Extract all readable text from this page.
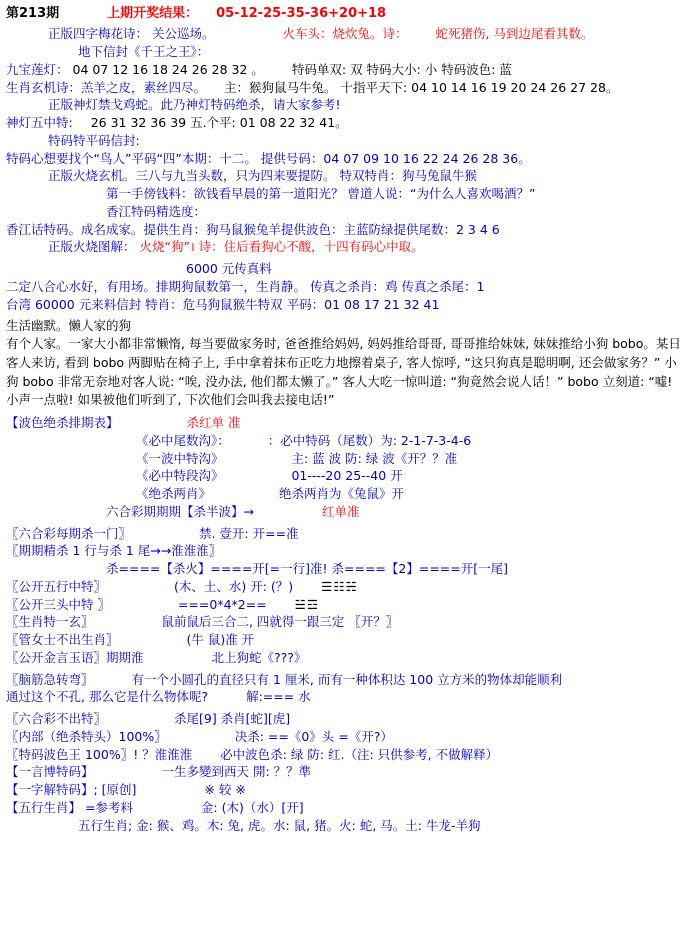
第213期	上期开奖结果： 05-12-25-35-36+20+18
正版四字梅花诗： 关公巡场。	火车头：烧炊兔。诗： 蛇死猪伤, 马到边尾看其数。
地下信封《千王之王》：
九宝莲灯： 04 07 12 16 18 24 26 28 32 。 特码单双: 双 特码大小: 小 特码波色: 蓝
生肖玄机诗：羔羊之皮，素丝四尽。 主：猴狗鼠马牛兔。 十指平天下: 04 10 14 16 19 20 24 26 27 28。
正版神灯禁戈鸡蛇。此乃神灯特码绝杀，请大家参考!
神灯五中特: 26 31 32 36 39 五.个平: 01 08 22 32 41。
特码特平码信封:
特码心想要找个“鸟人”平码“四”本期：十二。 提供号码：04 07 09 10 16 22 24 26 28 36。
正版火烧玄机。三八与九当头数，只为四来要提防。 特双特肖：狗马兔鼠牛猴
第一手傍钱料：欲钱看早晨的第一道阳光？ 曾道人说：“为什么人喜欢喝酒？”
香江特码精选度：
香江话特码。成名成家。提供生肖：狗马鼠猴兔羊提供波色：主蓝防绿提供尾数：2 3 4 6
正版火烧图解： 火烧“狗”। 诗：住后看狗心不酸，十四有码心中取。
6000 元传真料
二定八合心水好，有用场。排期狗鼠数第一，生肖静。 传真之杀肖：鸡 传真之杀尾：1
台湾 60000 元来料信封 特肖：危马狗鼠猴牛特双 平码：01 08 17 21 32 41
生活幽默。懒人家的狗
有个人家。一家大小都非常懒惰, 每当要做家务时, 爸爸推给妈妈, 妈妈推给哥哥, 哥哥推给妹妹, 妹妹推给小狗 bobo。某日客人来访, 看到 bobo 两脚贴在椅子上, 手中拿着抹布正吃力地擦着桌子, 客人惊呼, “这只狗真是聪明啊, 还会做家务？” 小狗 bobo 非常无奈地对客人说: “唉, 没办法, 他们都太懒了。” 客人大吃一惊叫道: “狗竟然会说人话！” bobo 立刻道: “嘘! 小声一点啦! 如果被他们听到了, 下次他们会叫我去接电话!”
【波色绝杀排期表】	杀红单 准
《必中尾数沟》：	：必中特码（尾数）为: 2-1-7-3-4-6
《一波中特沟》	主: 蓝 波 防: 绿 波《开？？准
《必中特段沟》	01----20 25--40 开
《绝杀两肖》	绝杀两肖为《兔鼠》开
六合彩期期期【杀半波】→	红单准
〖六合彩每期杀一门〗	禁. 壹开: 开==准
〖期期精杀 1 行与杀 1 尾→→淮淮淮〗
杀====【杀火】====开[=一行]准! 杀====【2】====开[一尾]
〖公开五行中特〗	(木、土、水) 开: (？) ☰☷☵
〖公开三头中特 〗	===0*4*2== ☱☲
〖生肖特一玄〗	鼠前鼠后三合二, 四就得一跟三定 〖开？〗
〖管女士不出生肖〗	(牛 鼠)准 开
〖公开金言玉语〗期期淮	北上狗蛇《???》
〖脑筋急转弯〗	有一个小圆孔的直径只有 1 厘米, 而有一种体积达 100 立方米的物体却能顺利
通过这个不孔, 那么它是什么物体呢?	解:=== 水
〖六合彩不出特〗	杀尾[9] 杀肖[蛇][虎]
〖内部（绝杀特头）100%〗	决杀: ==《0》头 =《开?）
〖特码波色王 100%〗! ？淮淮淮 必中波色杀: 绿 防: 红.（注: 只供参考, 不做解释）
【一言博特码】	一生多變到西天 開: ？？準
【一字解特码】; [原创]	※ 较 ※
【五行生肖】 =参考料	金: (木)（水）[开]
五行生肖; 金: 猴、鸡。木: 兔, 虎。水: 鼠, 猪。火: 蛇, 马。土: 牛龙-羊狗
